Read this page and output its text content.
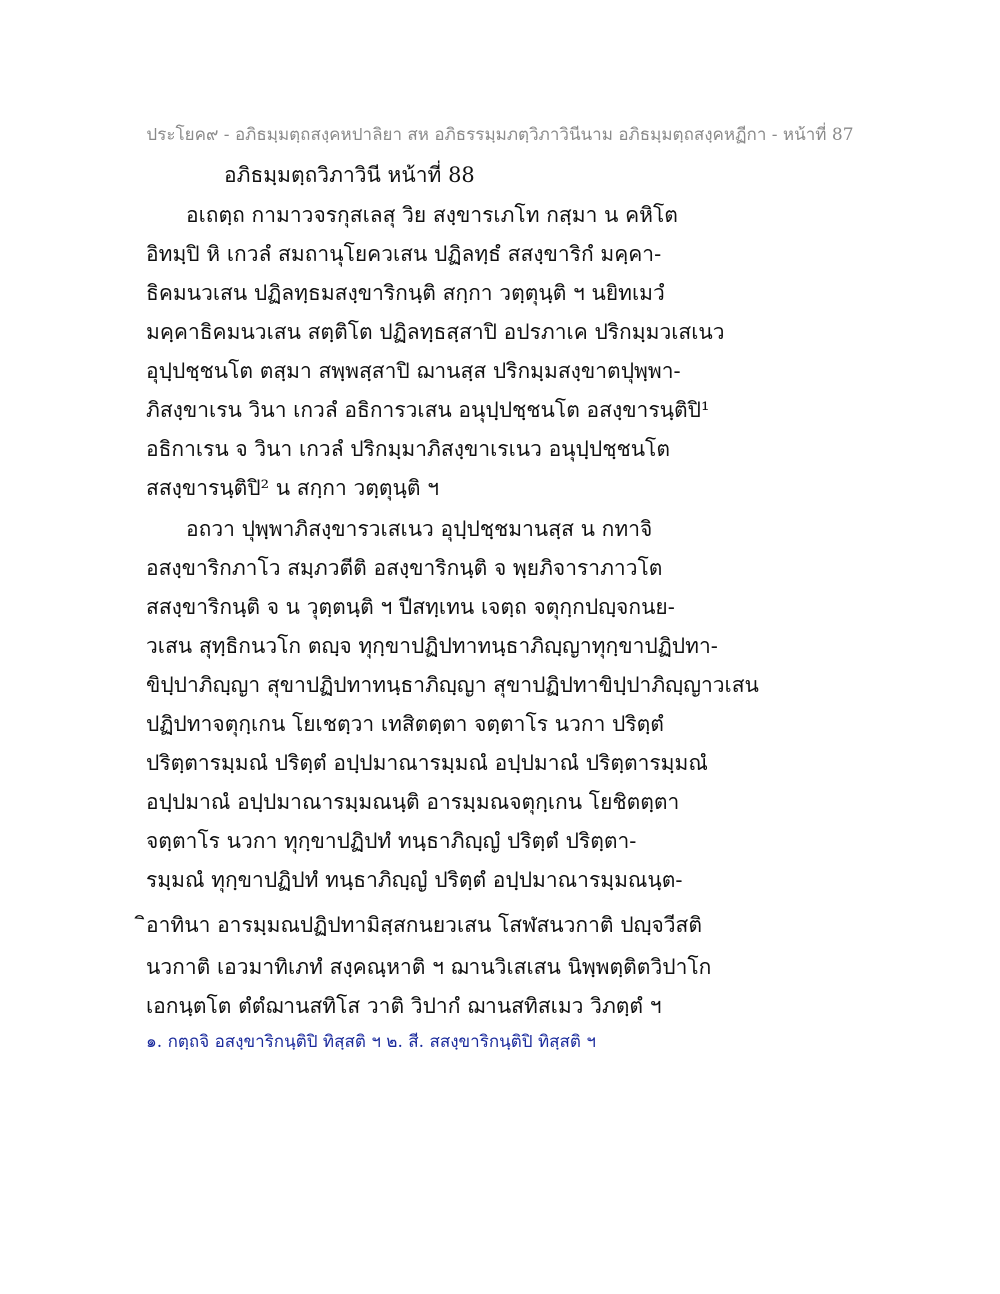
ประโยค๙ - อภิธมฺมตฺถสงฺคหปาลิยา สห อภิธรรมฺมภตฺวิภาวินีนาม อภิธมฺมตฺถสงฺคหฏีกา - หน้าที่ 87
อภิธมฺมตฺถวิภาวินี หน้าที่ 88
อเถตฺถ กามาวจรกุสเลสุ วิย สงฺขารเภโท กสฺมา น คหิโต
อิทมฺปิ หิ เกวลํ สมถานุโยควเสน ปฏิลทฺธํ สสงฺขาริกํ มคฺคา-
ธิคมนวเสน ปฏิลทฺธมสงฺขาริกนฺติ สกฺกา วตฺตุนฺติ ฯ นยิทเมวํ
มคฺคาธิคมนวเสน สตฺติโต ปฏิลทฺธสฺสาปิ อปรภาเค ปริกมฺมวเสเนว
อุปฺปชฺชนโต ตสฺมา สพฺพสฺสาปิ ฌานสฺส ปริกมฺมสงฺขาตปุพฺพา-
ภิสงฺขาเรน วินา เกวลํ อธิการวเสน อนุปฺปชฺชนโต อสงฺขารนฺติปิ¹
อธิกาเรน จ วินา เกวลํ ปริกมฺมาภิสงฺขาเรเนว อนุปฺปชฺชนโต
สสงฺขารนฺติปิ² น สกฺกา วตฺตุนฺติ ฯ
อถวา ปุพฺพาภิสงฺขารวเสเนว อุปฺปชฺชมานสฺส น กทาจิ
อสงฺขาริกภาโว สมฺภวตีติ อสงฺขาริกนฺติ จ พฺยภิจาราภาวโต
สสงฺขาริกนฺติ จ น วุตฺตนฺติ ฯ ปีสทฺเทน เจตฺถ จตุกฺกปญฺจกนย-
วเสน สุทฺธิกนวโก ตญฺจ ทุกฺขาปฏิปทาทนฺธาภิญฺญาทุกฺขาปฏิปทา-
ขิปฺปาภิญฺญา สุขาปฏิปทาทนฺธาภิญฺญา สุขาปฏิปทาขิปฺปาภิญฺญาวเสน
ปฏิปทาจตุกฺเกน โยเชตฺวา เทสิตตฺตา จตฺตาโร นวกา ปริตฺตํ
ปริตฺตารมฺมณํ ปริตฺตํ อปฺปมาณารมฺมณํ อปฺปมาณํ ปริตฺตารมฺมณํ
อปฺปมาณํ อปฺปมาณารมฺมณนฺติ อารมฺมณจตุกฺเกน โยชิตตฺตา
จตฺตาโร นวกา ทุกฺขาปฏิปทํ ทนฺธาภิญฺญํ ปริตฺตํ ปริตฺตา-
รมฺมณํ ทุกฺขาปฏิปทํ ทนฺธาภิญฺญํ ปริตฺตํ อปฺปมาณารมฺมณนฺต-
ิอาทินา อารมฺมณปฏิปทามิสฺสกนยวเสน โสฬสนวกาติ ปญฺจวีสติ
นวกาติ เอวมาทิเภทํ สงฺคณฺหาติ ฯ ฌานวิเสเสน นิพฺพตฺติตวิปาโก
เอกนฺตโต ตํตํฌานสทิโส วาติ วิปากํ ฌานสทิสเมว วิภตฺตํ ฯ
๑. กตฺถจิ อสงฺขาริกนฺติปิ ทิสฺสติ ฯ ๒. สี. สสงฺขาริกนฺติปิ ทิสฺสติ ฯ
